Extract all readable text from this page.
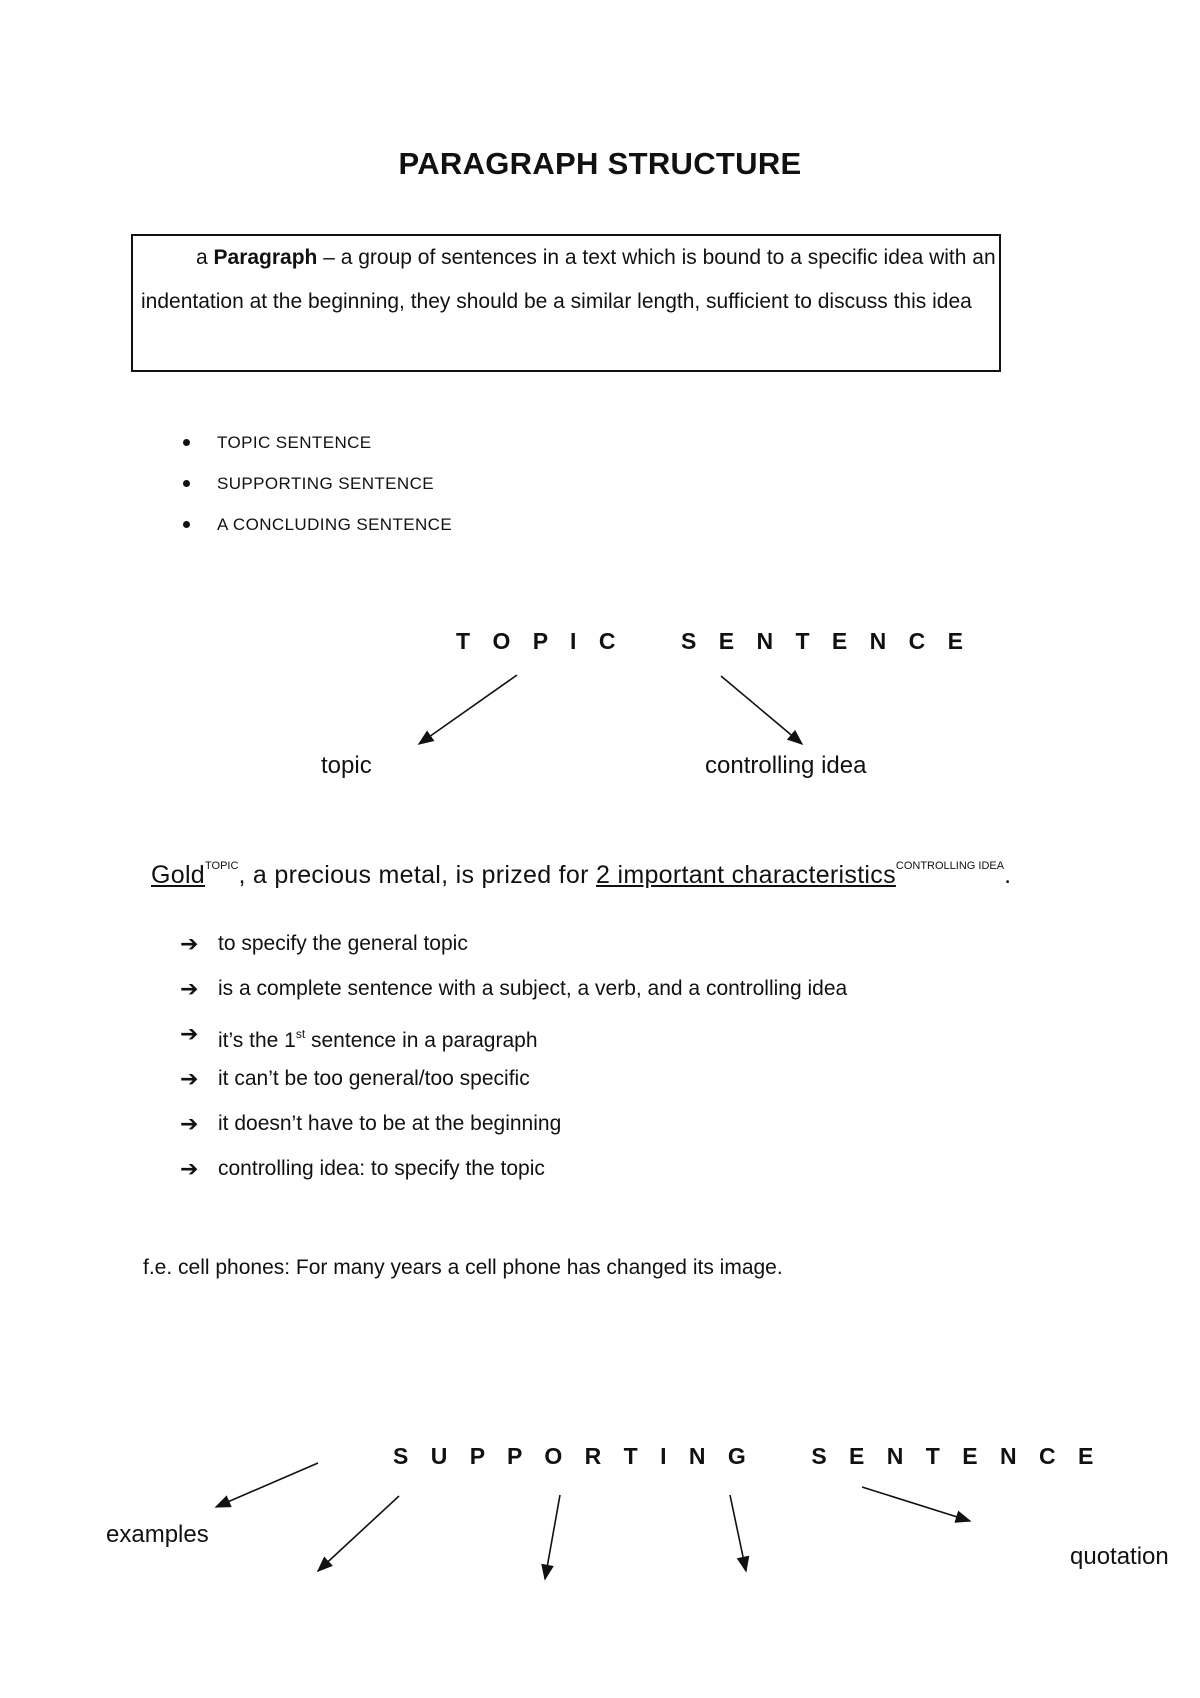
PARAGRAPH STRUCTURE
a Paragraph – a group of sentences in a text which is bound to a specific idea with an indentation at the beginning, they should be a similar length, sufficient to discuss this idea
TOPIC SENTENCE
SUPPORTING SENTENCE
A CONCLUDING SENTENCE
T O P I C    S E N T E N C E
topic	controlling idea
Gold$^{TOPIC}$, a precious metal, is prized for 2 important characteristics$^{CONTROLLING IDEA}$.
➔ to specify the general topic
➔ is a complete sentence with a subject, a verb, and a controlling idea
➔ it’s the 1st sentence in a paragraph
➔ it can’t be too general/too specific
➔ it doesn’t have to be at the beginning
➔ controlling idea: to specify the topic
f.e. cell phones: For many years a cell phone has changed its image.
S U P P O R T I N G    S E N T E N C E
examples
quotation
